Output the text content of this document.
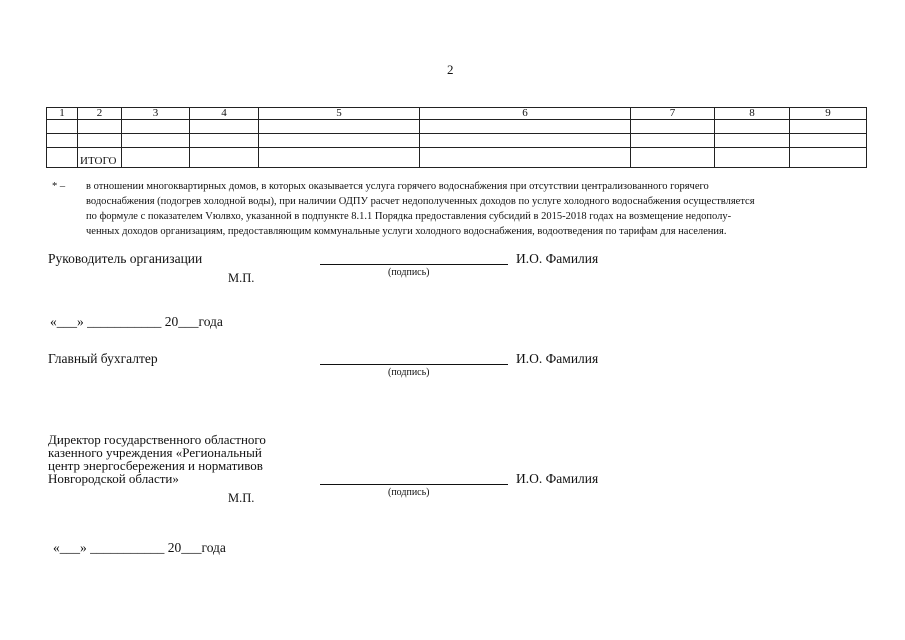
2
1	2	3	4	5	6	7	8	9

	ИТОГО							
* – в отношении многоквартирных домов, в которых оказывается услуга горячего водоснабжения при отсутствии централизованного горячего
водоснабжения (подогрев холодной воды), при наличии ОДПУ расчет недополученных доходов по услуге холодного водоснабжения осуществляется
по формуле с показателем Vюлвхо, указанной в подпункте 8.1.1 Порядка предоставления субсидий в 2015-2018 годах на возмещение недополу-
ченных доходов организациям, предоставляющим коммунальные услуги холодного водоснабжения, водоотведения по тарифам для населения.
Руководитель организации	И.О. Фамилия
(подпись)
М.П.
«___» ___________ 20___года
Главный бухгалтер	И.О. Фамилия
(подпись)
Директор государственного областного
казенного учреждения «Региональный
центр энергосбережения и нормативов
Новгородской области»	И.О. Фамилия
(подпись)
М.П.
«___» ___________ 20___года
